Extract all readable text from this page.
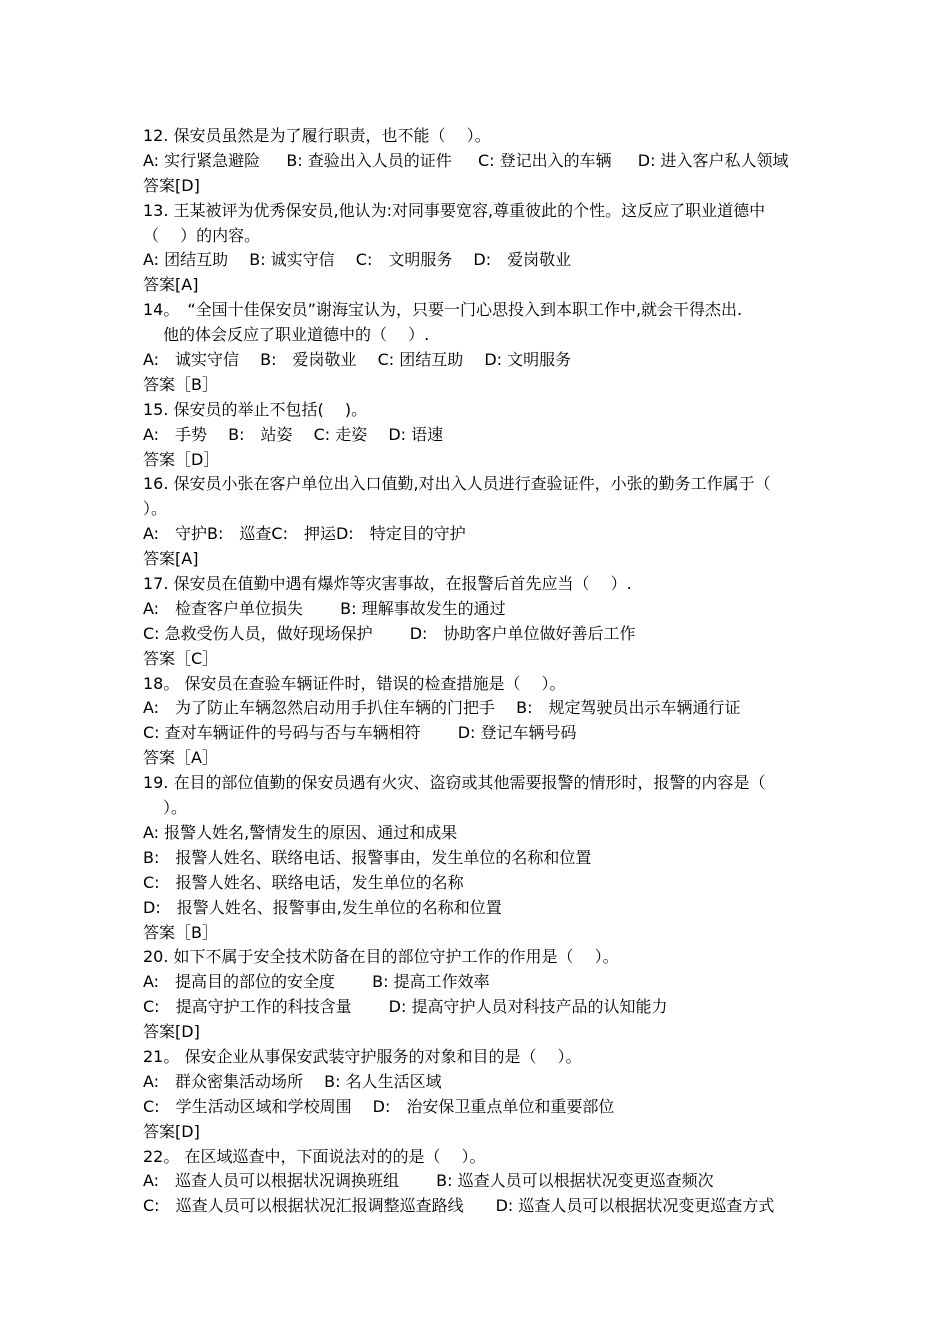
12. 保安员虽然是为了履行职责，也不能（　 ）。
A: 实行紧急避险　  B: 查验出入人员的证件　  C: 登记出入的车辆　  D: 进入客户私人领域
答案[D]
13. 王某被评为优秀保安员,他认为:对同事要宽容,尊重彼此的个性。这反应了职业道德中
（　 ）的内容。
A: 团结互助　 B: 诚实守信　 C:　文明服务　 D:　爱岗敬业
答案[A]
14。　“全国十佳保安员”谢海宝认为，只要一门心思投入到本职工作中,就会干得杰出.
他的体会反应了职业道德中的（　 ）.
A:　诚实守信　 B:　爱岗敬业　 C: 团结互助　 D: 文明服务
答案［B］
15. 保安员的举止不包括(　 )。
A:　手势　 B:　站姿　 C: 走姿　 D: 语速
答案［D］
16. 保安员小张在客户单位出入口值勤,对出入人员进行查验证件，小张的勤务工作属于（
）。
A:　守护B:　巡查C:　押运D:　特定目的守护
答案[A]
17. 保安员在值勤中遇有爆炸等灾害事故，在报警后首先应当（　 ）.
A:　检查客户单位损失　　 B: 理解事故发生的通过
C: 急救受伤人员，做好现场保护　　 D:　协助客户单位做好善后工作
答案［C］
18。 保安员在查验车辆证件时，错误的检查措施是（　 ）。
A:　为了防止车辆忽然启动用手扒住车辆的门把手　 B:　规定驾驶员出示车辆通行证
C: 查对车辆证件的号码与否与车辆相符　　 D: 登记车辆号码
答案［A］
19. 在目的部位值勤的保安员遇有火灾、盗窃或其他需要报警的情形时，报警的内容是（
）。
A: 报警人姓名,警情发生的原因、通过和成果
B:　报警人姓名、联络电话、报警事由，发生单位的名称和位置
C:　报警人姓名、联络电话，发生单位的名称
D:　报警人姓名、报警事由,发生单位的名称和位置
答案［B］
20. 如下不属于安全技术防备在目的部位守护工作的作用是（　 ）。
A:　提高目的部位的安全度　　 B: 提高工作效率
C:　提高守护工作的科技含量　　 D: 提高守护人员对科技产品的认知能力
答案[D]
21。 保安企业从事保安武装守护服务的对象和目的是（　 ）。
A:　群众密集活动场所　 B: 名人生活区域
C:　学生活动区域和学校周围　 D:　治安保卫重点单位和重要部位
答案[D]
22。 在区域巡查中，下面说法对的的是（　 ）。
A:　巡查人员可以根据状况调换班组　　 B: 巡查人员可以根据状况变更巡查频次
C:　巡查人员可以根据状况汇报调整巡查路线　　D: 巡查人员可以根据状况变更巡查方式
